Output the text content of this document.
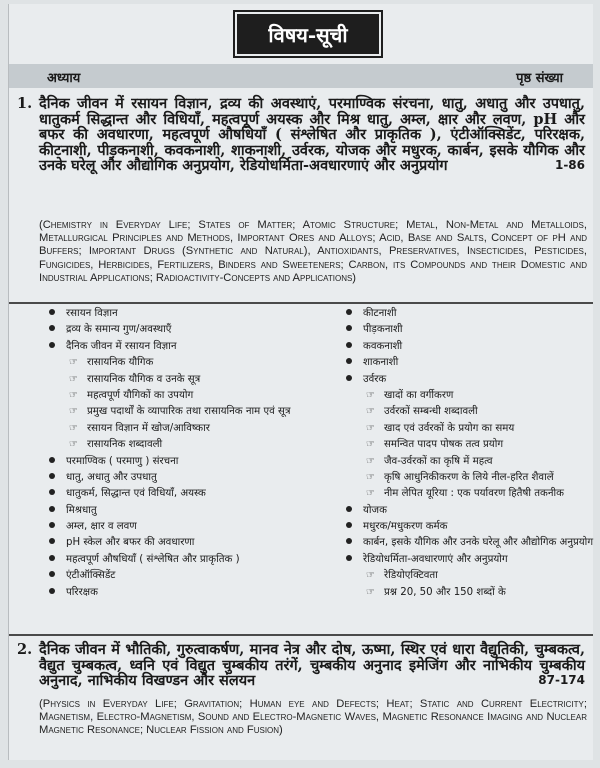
विषय-सूची
अध्याय	पृष्ठ संख्या
1. दैनिक जीवन में रसायन विज्ञान, द्रव्य की अवस्थाएं, परमाण्विक संरचना, धातु, अधातु और उपधातु, धातुकर्म सिद्धान्त और विधियाँ, महत्वपूर्ण अयस्क और मिश्र धातु, अम्ल, क्षार और लवण, pH और बफर की अवधारणा, महत्वपूर्ण औषधियाँ ( संश्लेषित और प्राकृतिक ), एंटीऑक्सिडेंट, परिरक्षक, कीटनाशी, पीड़कनाशी, कवकनाशी, शाकनाशी, उर्वरक, योजक और मधुरक, कार्बन, इसके यौगिक और उनके घरेलू और औद्योगिक अनुप्रयोग, रेडियोधर्मिता-अवधारणाएं और अनुप्रयोग	1-86
(Chemistry in Everyday Life; States of Matter; Atomic Structure; Metal, Non-Metal and Metalloids, Metallurgical Principles and Methods, Important Ores and Alloys; Acid, Base and Salts, Concept of pH and Buffers; Important Drugs (Synthetic and Natural), Antioxidants, Preservatives, Insecticides, Pesticides, Fungicides, Herbicides, Fertilizers, Binders and Sweeteners; Carbon, its Compounds and their Domestic and Industrial Applications; Radioactivity-Concepts and Applications)
रसायन विज्ञान
द्रव्य के समान्य गुण/अवस्थाएँ
दैनिक जीवन में रसायन विज्ञान
☞ रासायनिक यौगिक
☞ रासायनिक यौगिक व उनके सूत्र
☞ महत्वपूर्ण यौगिकों का उपयोग
☞ प्रमुख पदार्थों के व्यापारिक तथा रासायनिक नाम एवं सूत्र
☞ रसायन विज्ञान में खोज/आविष्कार
☞ रासायनिक शब्दावली
परमाण्विक ( परमाणु ) संरचना
धातु, अधातु और उपधातु
धातुकर्म, सिद्धान्त एवं विधियाँ, अयस्क
मिश्रधातु
अम्ल, क्षार व लवण
pH स्केल और बफर की अवधारणा
महत्वपूर्ण औषधियाँ ( संश्लेषित और प्राकृतिक )
एंटीऑक्सिडेंट
परिरक्षक
कीटनाशी
पीड़कनाशी
कवकनाशी
शाकनाशी
उर्वरक
☞ खादों का वर्गीकरण
☞ उर्वरकों सम्बन्धी शब्दावली
☞ खाद एवं उर्वरकों के प्रयोग का समय
☞ समन्वित पादप पोषक तत्व प्रयोग
☞ जैव-उर्वरकों का कृषि में महत्व
☞ कृषि आधुनिकीकरण के लिये नील-हरित शैवालें
☞ नीम लेपित यूरिया : एक पर्यावरण हितैषी तकनीक
योजक
मधुरक/मधुकरण कर्मक
कार्बन, इसके यौगिक और उनके घरेलू और औद्योगिक अनुप्रयोग
रेडियोधर्मिता-अवधारणाएं और अनुप्रयोग
☞ रेडियोएक्टिवता
☞ प्रश्न 20, 50 और 150 शब्दों के
2. दैनिक जीवन में भौतिकी, गुरुत्वाकर्षण, मानव नेत्र और दोष, ऊष्मा, स्थिर एवं धारा वैद्युतिकी, चुम्बकत्व, वैद्युत चुम्बकत्व, ध्वनि एवं विद्युत चुम्बकीय तरंगें, चुम्बकीय अनुनाद इमेजिंग और नाभिकीय चुम्बकीय अनुनाद, नाभिकीय विखण्डन और संलयन	87-174
(Physics in Everyday Life; Gravitation; Human eye and Defects; Heat; Static and Current Electricity; Magnetism, Electro-Magnetism, Sound and Electro-Magnetic Waves, Magnetic Resonance Imaging and Nuclear Magnetic Resonance; Nuclear Fission and Fusion)
